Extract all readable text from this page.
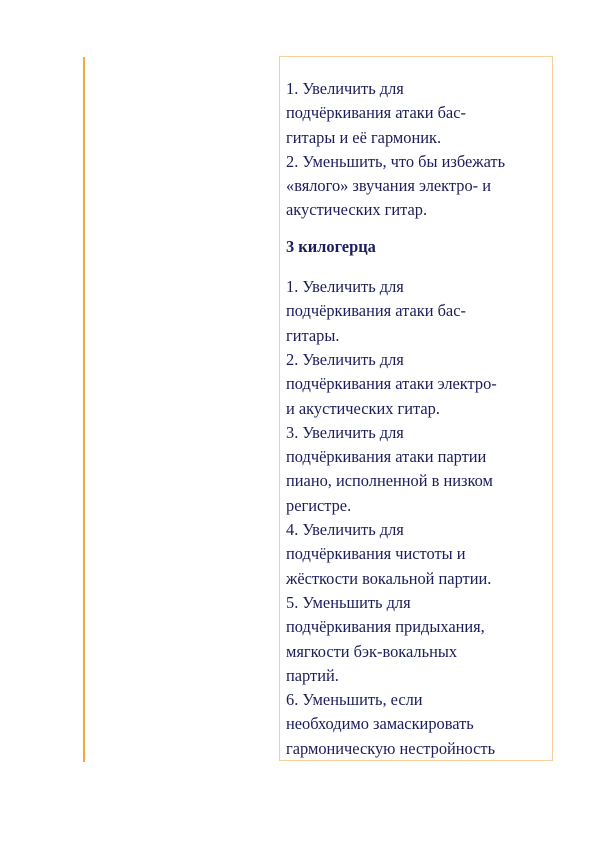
1. Увеличить для
подчёркивания атаки бас-
гитары и её гармоник.
2. Уменьшить, что бы избежать
«вялого» звучания электро- и
акустических гитар.
3 килогерца
1. Увеличить для
подчёркивания атаки бас-
гитары.
2. Увеличить для
подчёркивания атаки электро-
и акустических гитар.
3. Увеличить для
подчёркивания атаки партии
пиано, исполненной в низком
регистре.
4. Увеличить для
подчёркивания чистоты и
жёсткости вокальной партии.
5. Уменьшить для
подчёркивания придыхания,
мягкости бэк-вокальных
партий.
6. Уменьшить, если
необходимо замаскировать
гармоническую нестройность
